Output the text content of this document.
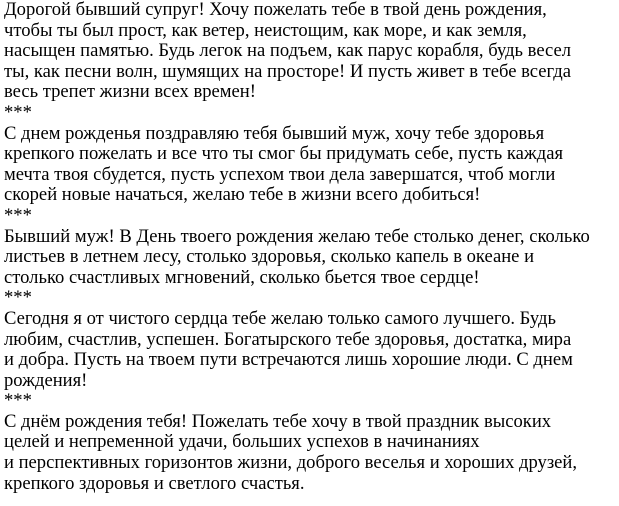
Дорогой бывший супруг! Хочу пожелать тебе в твой день рождения,
чтобы ты был прост, как ветер, неистощим, как море, и как земля,
насыщен памятью. Будь легок на подъем, как парус корабля, будь весел
ты, как песни волн, шумящих на просторе! И пусть живет в тебе всегда
весь трепет жизни всех времен!
***
С днем рожденья поздравляю тебя бывший муж, хочу тебе здоровья
крепкого пожелать и все что ты смог бы придумать себе, пусть каждая
мечта твоя сбудется, пусть успехом твои дела завершатся, чтоб могли
скорей новые начаться, желаю тебе в жизни всего добиться!
***
Бывший муж! В День твоего рождения желаю тебе столько денег, сколько
листьев в летнем лесу, столько здоровья, сколько капель в океане и
столько счастливых мгновений, сколько бьется твое сердце!
***
Сегодня я от чистого сердца тебе желаю только самого лучшего. Будь
любим, счастлив, успешен. Богатырского тебе здоровья, достатка, мира
и добра. Пусть на твоем пути встречаются лишь хорошие люди. С днем
рождения!
***
С днём рождения тебя! Пожелать тебе хочу в твой праздник высоких
целей и непременной удачи, больших успехов в начинаниях
и перспективных горизонтов жизни, доброго веселья и хороших друзей,
крепкого здоровья и светлого счастья.
